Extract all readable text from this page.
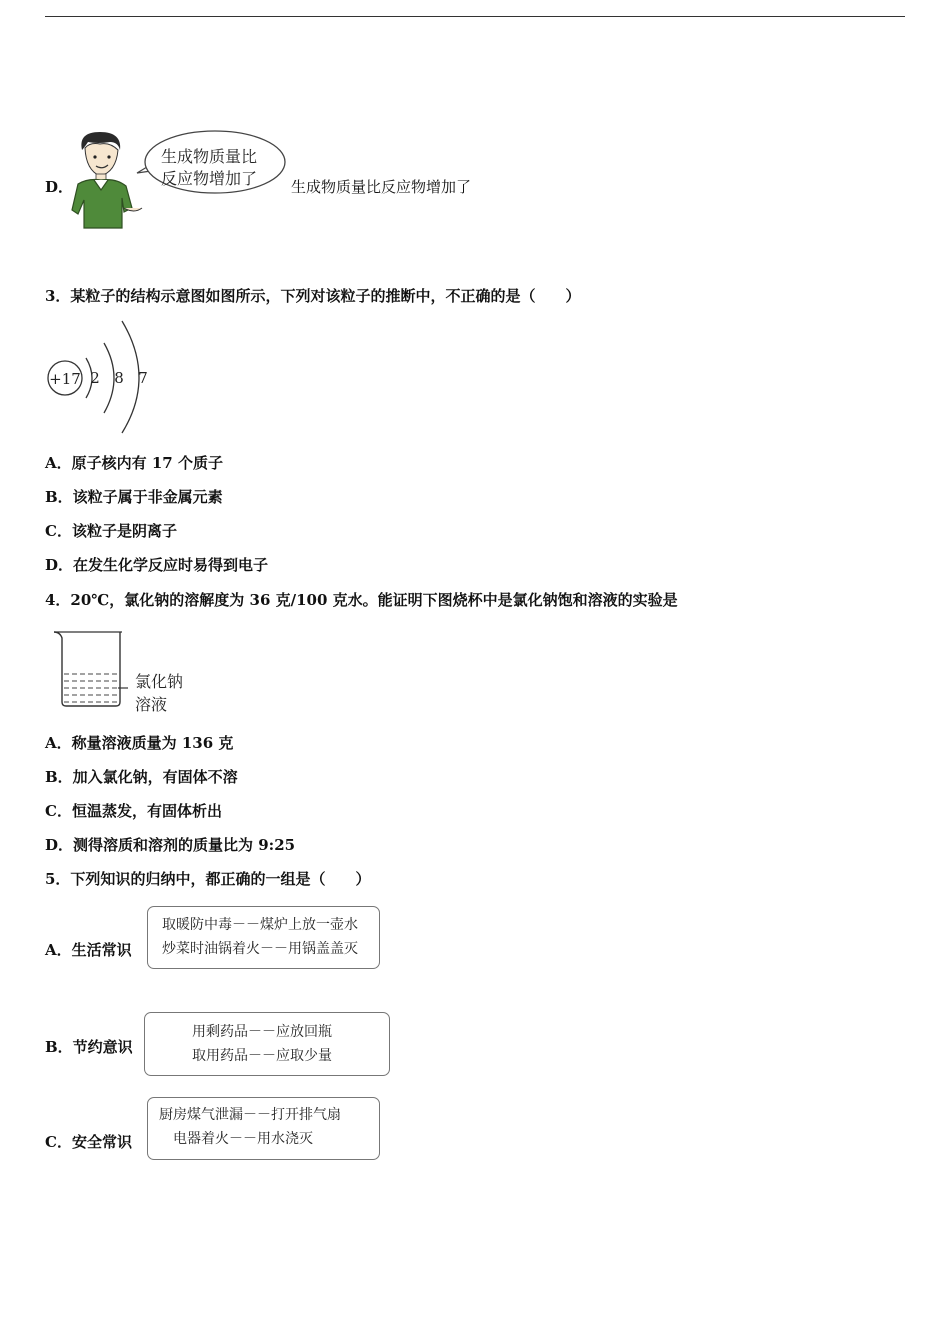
D．
生成物质量比
反应物增加了 生成物质量比反应物增加了
3．某粒子的结构示意图如图所示，下列对该粒子的推断中，不正确的是（　　）
+17 2 8 7
A．原子核内有 17 个质子
B．该粒子属于非金属元素
C．该粒子是阴离子
D．在发生化学反应时易得到电子
4．20℃，氯化钠的溶解度为 36 克/100 克水。能证明下图烧杯中是氯化钠饱和溶液的实验是
氯化钠
溶液
A．称量溶液质量为 136 克
B．加入氯化钠，有固体不溶
C．恒温蒸发，有固体析出
D．测得溶质和溶剂的质量比为 9:25
5．下列知识的归纳中，都正确的一组是（　　）
A．生活常识
取暖防中毒－－煤炉上放一壶水
炒菜时油锅着火－－用锅盖盖灭
B．节约意识
用剩药品－－应放回瓶
取用药品－－应取少量
C．安全常识
厨房煤气泄漏－－打开排气扇
电器着火－－用水浇灭
